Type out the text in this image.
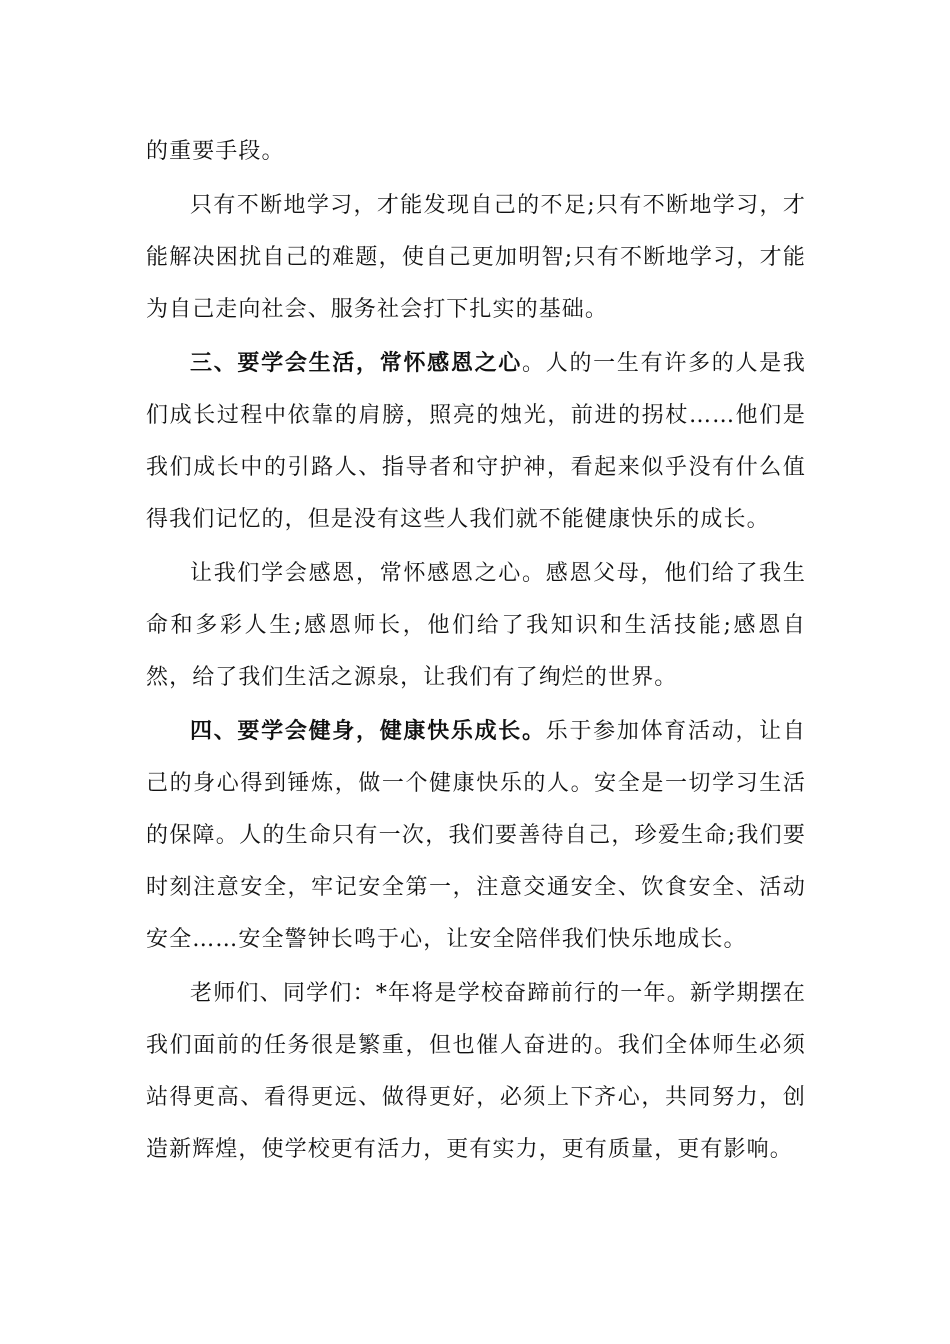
的重要手段。

只有不断地学习，才能发现自己的不足;只有不断地学习，才能解决困扰自己的难题，使自己更加明智;只有不断地学习，才能为自己走向社会、服务社会打下扎实的基础。

三、要学会生活，常怀感恩之心。人的一生有许多的人是我们成长过程中依靠的肩膀，照亮的烛光，前进的拐杖……他们是我们成长中的引路人、指导者和守护神，看起来似乎没有什么值得我们记忆的，但是没有这些人我们就不能健康快乐的成长。

让我们学会感恩，常怀感恩之心。感恩父母，他们给了我生命和多彩人生;感恩师长，他们给了我知识和生活技能;感恩自然，给了我们生活之源泉，让我们有了绚烂的世界。

四、要学会健身，健康快乐成长。乐于参加体育活动，让自己的身心得到锤炼，做一个健康快乐的人。安全是一切学习生活的保障。人的生命只有一次，我们要善待自己，珍爱生命;我们要时刻注意安全，牢记安全第一，注意交通安全、饮食安全、活动安全……安全警钟长鸣于心，让安全陪伴我们快乐地成长。

老师们、同学们：*年将是学校奋蹄前行的一年。新学期摆在我们面前的任务很是繁重，但也催人奋进的。我们全体师生必须站得更高、看得更远、做得更好，必须上下齐心，共同努力，创造新辉煌，使学校更有活力，更有实力，更有质量，更有影响。
